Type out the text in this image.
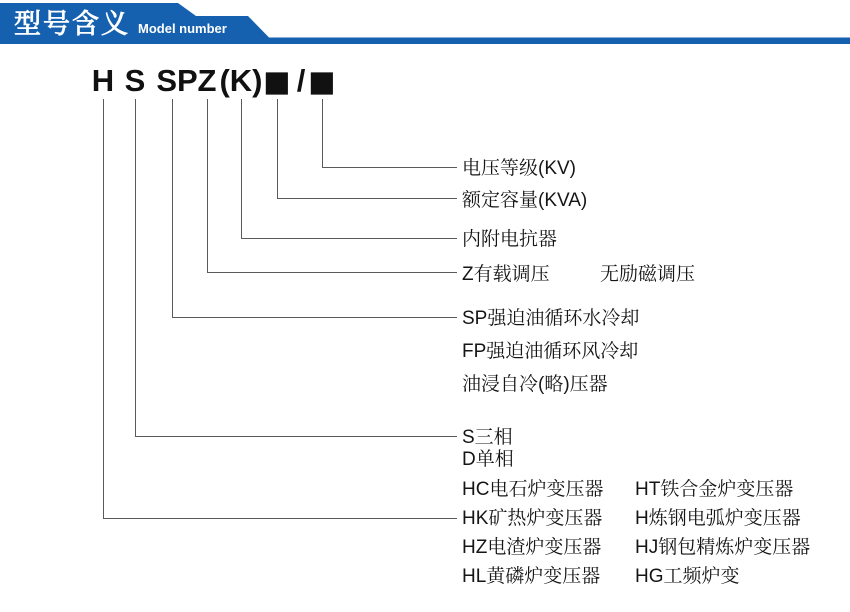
型号含义 Model number
H S SP Z (K) ■ / ■
电压等级(KV)
额定容量(KVA)
内附电抗器
Z有载调压	无励磁调压
SP强迫油循环水冷却
FP强迫油循环风冷却
油浸自冷(略)压器
S三相
D单相
HC电石炉变压器	HT铁合金炉变压器
HK矿热炉变压器	H炼钢电弧炉变压器
HZ电渣炉变压器	HJ钢包精炼炉变压器
HL黄磷炉变压器	HG工频炉变
